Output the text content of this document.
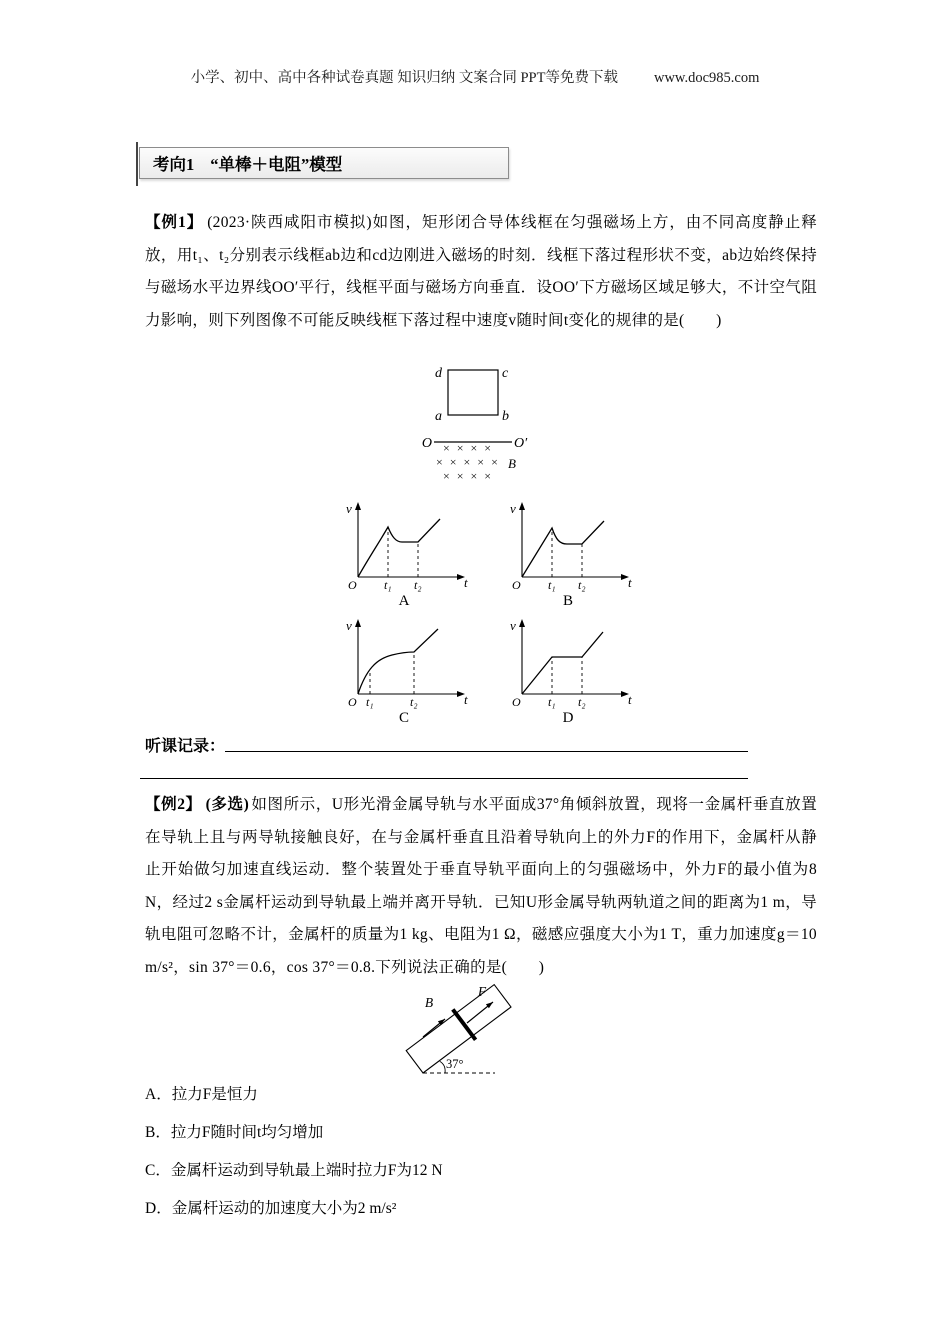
小学、初中、高中各种试卷真题 知识归纳 文案合同 PPT等免费下载 www.doc985.com
考向1 “单棒＋电阻”模型

【例1】 (2023·陕西咸阳市模拟)如图，矩形闭合导体线框在匀强磁场上方，由不同高度静止释放，用t₁、t₂分别表示线框ab边和cd边刚进入磁场的时刻．线框下落过程形状不变，ab边始终保持与磁场水平边界线OO′平行，线框平面与磁场方向垂直．设OO′下方磁场区域足够大，不计空气阻力影响，则下列图像不可能反映线框下落过程中速度v随时间t变化的规律的是(　　)

d	c
a	b
O	O′
× × × ×
× × × × × B
× × × ×
v
t
O t₁ t₂
A
v
t
O t₁ t₂
B
v
t
O t₁	t₂
C
v
t
O t₁ t₂
D
听课记录：

【例2】 (多选) 如图所示，U形光滑金属导轨与水平面成37°角倾斜放置，现将一金属杆垂直放置在导轨上且与两导轨接触良好，在与金属杆垂直且沿着导轨向上的外力F的作用下，金属杆从静止开始做匀加速直线运动．整个装置处于垂直导轨平面向上的匀强磁场中，外力F的最小值为8 N，经过2 s金属杆运动到导轨最上端并离开导轨．已知U形金属导轨两轨道之间的距离为1 m，导轨电阻可忽略不计，金属杆的质量为1 kg、电阻为1 Ω，磁感应强度大小为1 T，重力加速度g＝10 m/s²，sin 37°＝0.6，cos 37°＝0.8.下列说法正确的是(　　)

B
F
37°
A．拉力F是恒力
B．拉力F随时间t均匀增加
C．金属杆运动到导轨最上端时拉力F为12 N
D．金属杆运动的加速度大小为2 m/s²
